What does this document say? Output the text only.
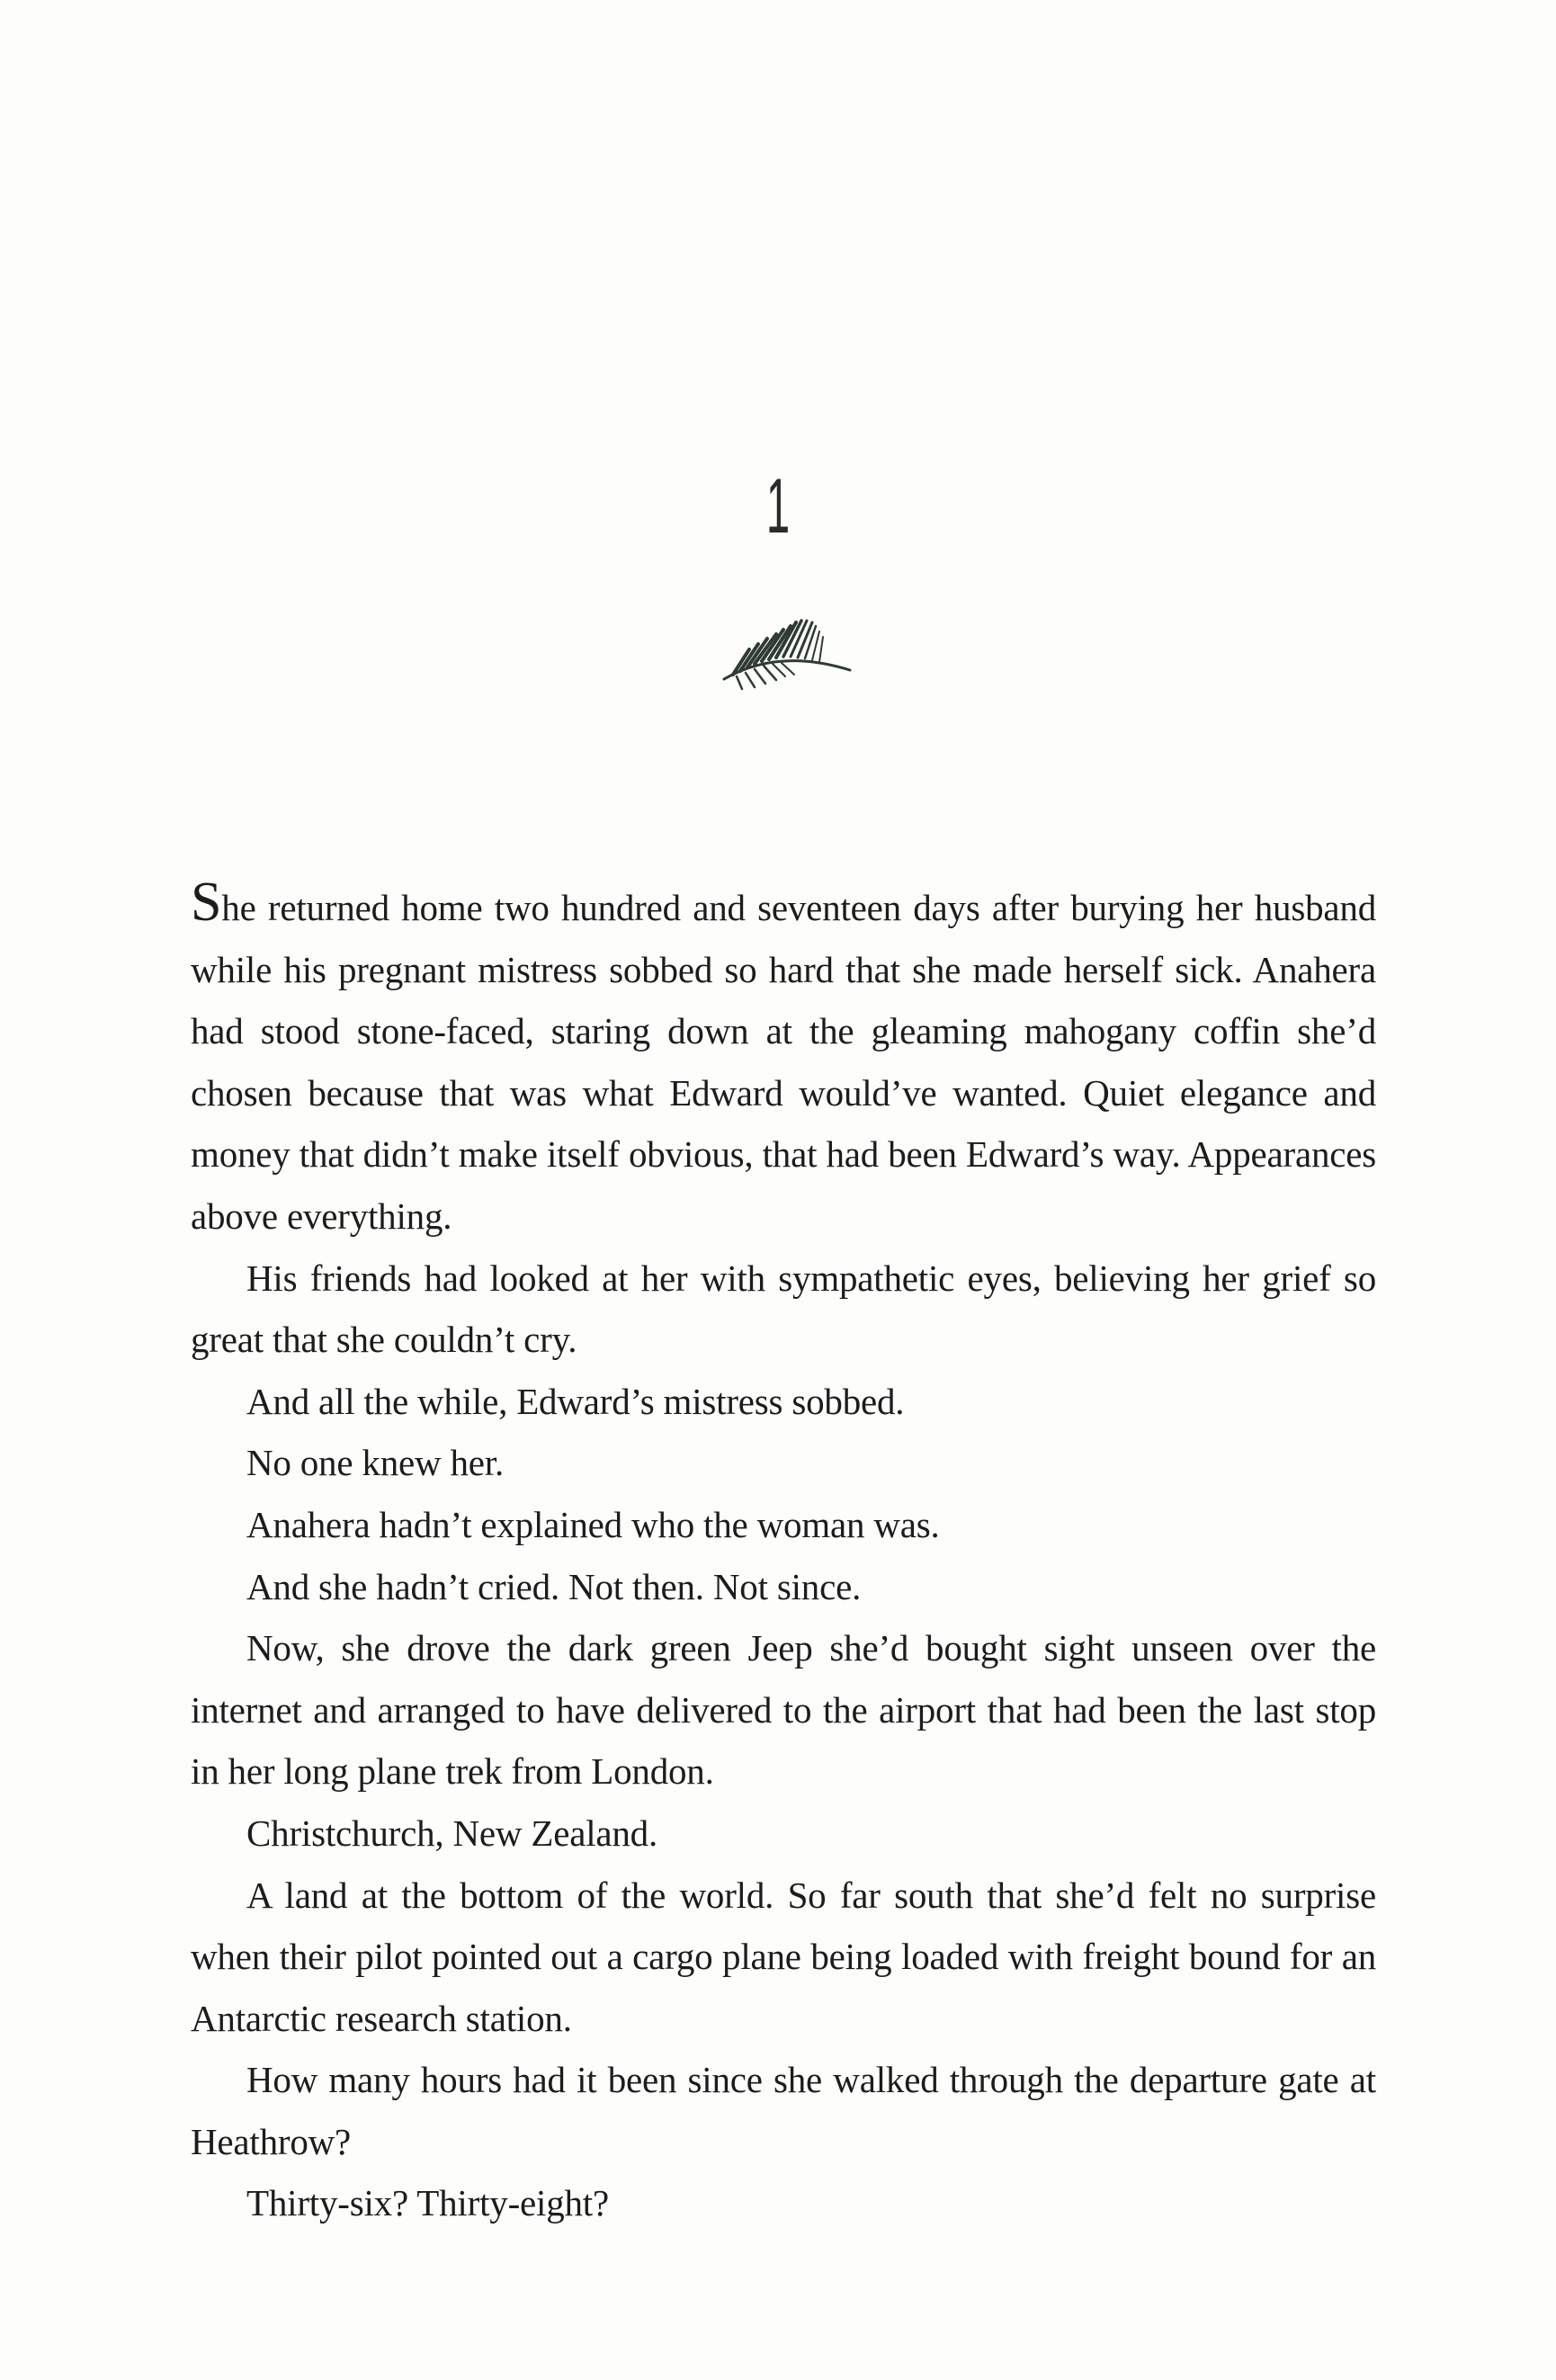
1

She returned home two hundred and seventeen days after burying her husband while his pregnant mistress sobbed so hard that she made herself sick. Anahera had stood stone-faced, staring down at the gleaming mahogany coffin she’d chosen because that was what Edward would’ve wanted. Quiet elegance and money that didn’t make itself obvious, that had been Edward’s way. Appearances above everything.

His friends had looked at her with sympathetic eyes, believing her grief so great that she couldn’t cry.

And all the while, Edward’s mistress sobbed.

No one knew her.

Anahera hadn’t explained who the woman was.

And she hadn’t cried. Not then. Not since.

Now, she drove the dark green Jeep she’d bought sight unseen over the internet and arranged to have delivered to the airport that had been the last stop in her long plane trek from London.

Christchurch, New Zealand.

A land at the bottom of the world. So far south that she’d felt no surprise when their pilot pointed out a cargo plane being loaded with freight bound for an Antarctic research station.

How many hours had it been since she walked through the departure gate at Heathrow?

Thirty-six? Thirty-eight?
